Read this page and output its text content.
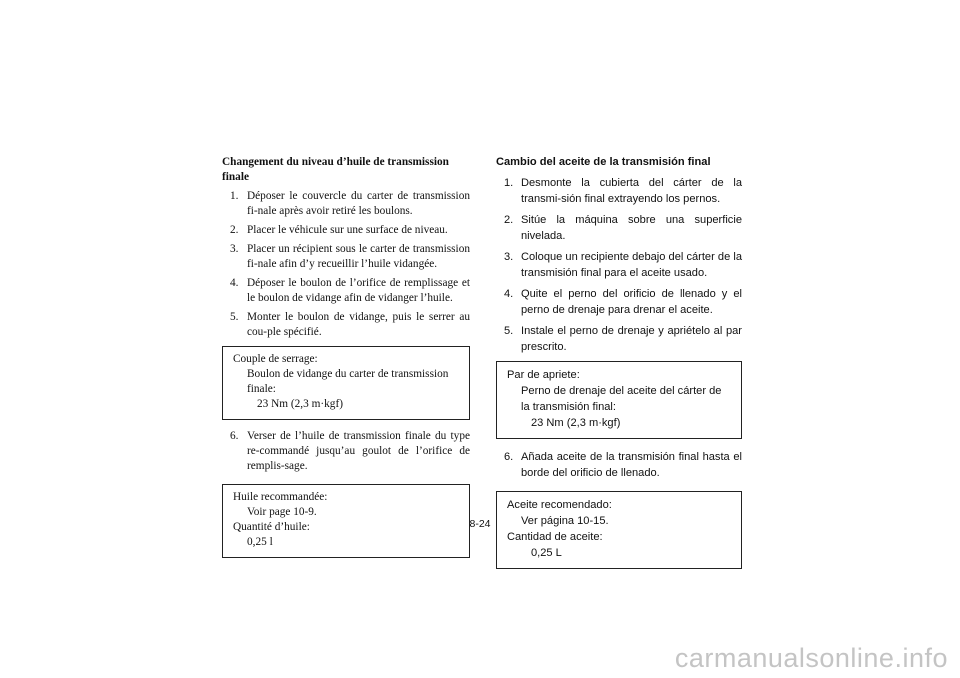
Changement du niveau d’huile de transmission finale
1. Déposer le couvercle du carter de transmission fi-nale après avoir retiré les boulons.
2. Placer le véhicule sur une surface de niveau.
3. Placer un récipient sous le carter de transmission fi-nale afin d’y recueillir l’huile vidangée.
4. Déposer le boulon de l’orifice de remplissage et le boulon de vidange afin de vidanger l’huile.
5. Monter le boulon de vidange, puis le serrer au cou-ple spécifié.
Couple de serrage:
Boulon de vidange du carter de transmission finale:
23 Nm (2,3 m·kgf)
6. Verser de l’huile de transmission finale du type re-commandé jusqu’au goulot de l’orifice de remplis-sage.
Huile recommandée:
Voir page 10-9.
Quantité d’huile:
0,25 l
Cambio del aceite de la transmisión final
1. Desmonte la cubierta del cárter de la transmi-sión final extrayendo los pernos.
2. Sitúe la máquina sobre una superficie nivelada.
3. Coloque un recipiente debajo del cárter de la transmisión final para el aceite usado.
4. Quite el perno del orificio de llenado y el perno de drenaje para drenar el aceite.
5. Instale el perno de drenaje y apriételo al par prescrito.
Par de apriete:
Perno de drenaje del aceite del cárter de la transmisión final:
23 Nm (2,3 m·kgf)
6. Añada aceite de la transmisión final hasta el borde del orificio de llenado.
Aceite recomendado:
Ver página 10-15.
Cantidad de aceite:
0,25 L
8-24
carmanualsonline.info
